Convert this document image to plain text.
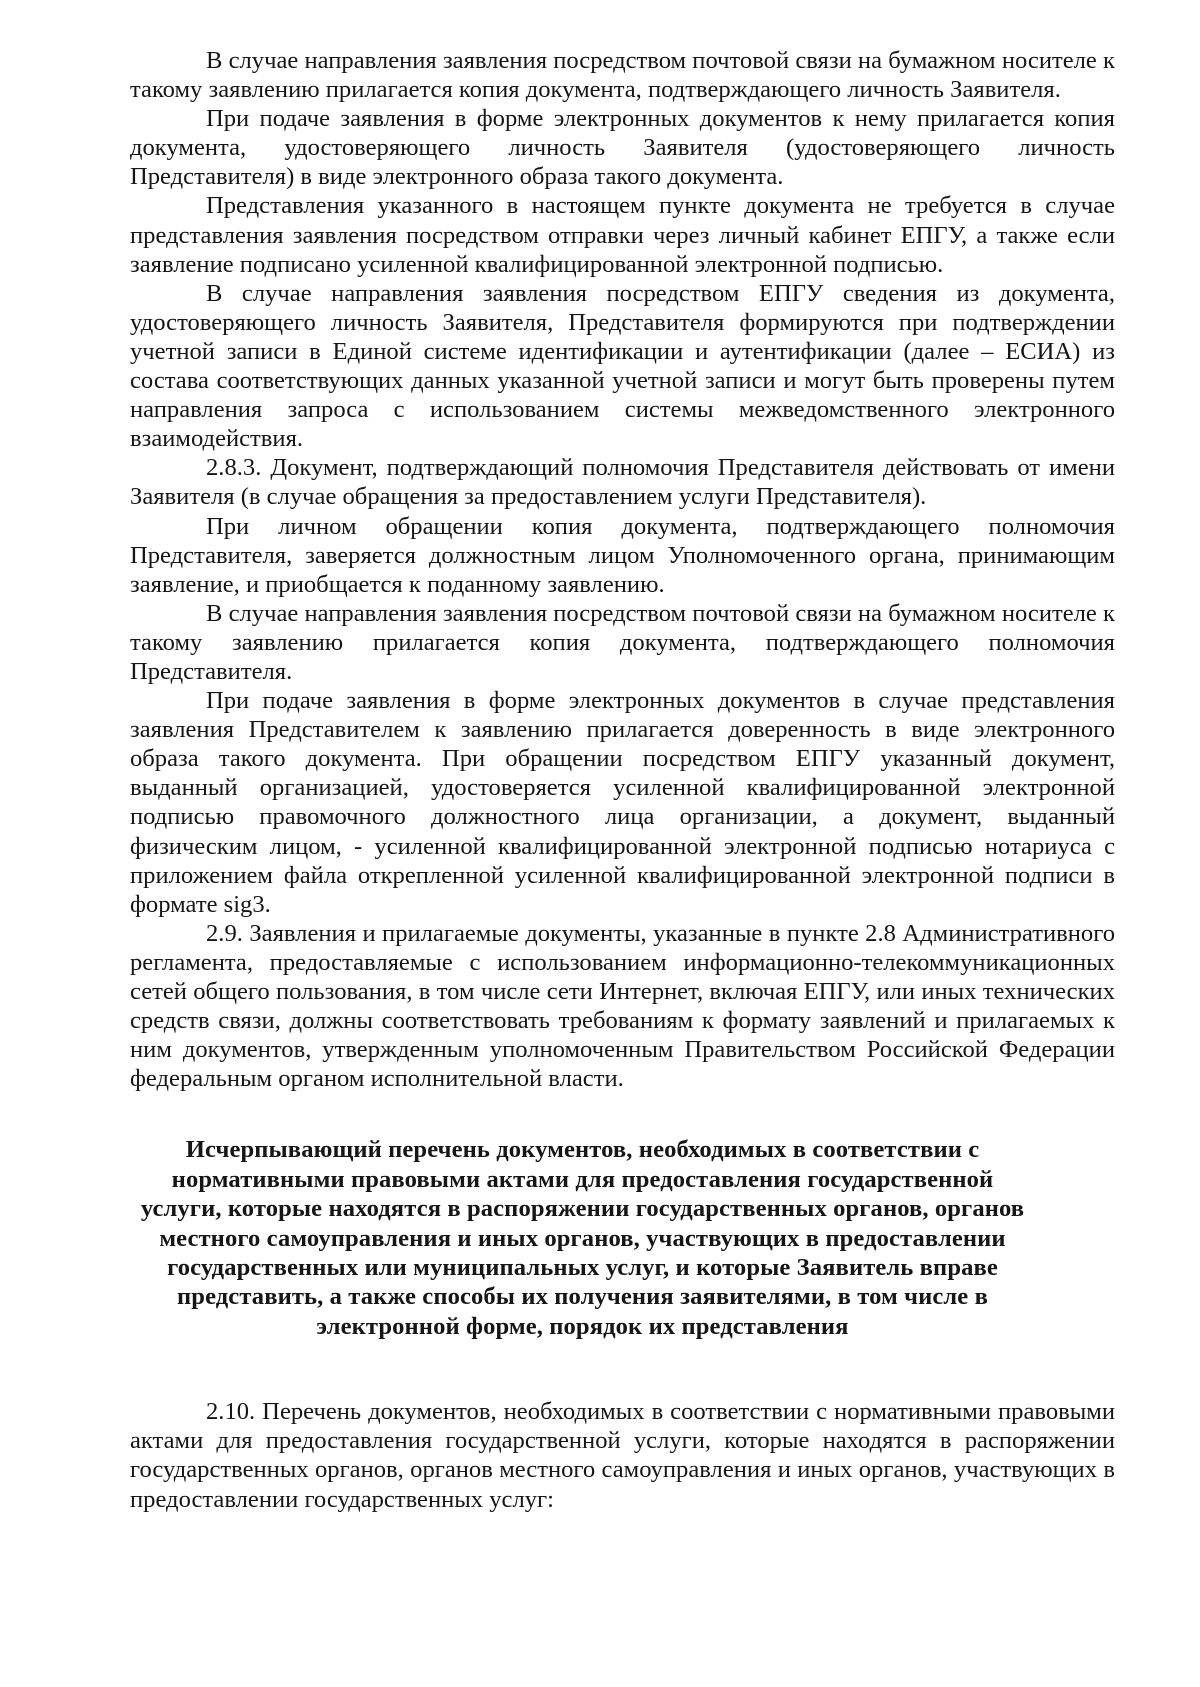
В случае направления заявления посредством почтовой связи на бумажном носителе к такому заявлению прилагается копия документа, подтверждающего личность Заявителя.

При подаче заявления в форме электронных документов к нему прилагается копия документа, удостоверяющего личность Заявителя (удостоверяющего личность Представителя) в виде электронного образа такого документа.

Представления указанного в настоящем пункте документа не требуется в случае представления заявления посредством отправки через личный кабинет ЕПГУ, а также если заявление подписано усиленной квалифицированной электронной подписью.

В случае направления заявления посредством ЕПГУ сведения из документа, удостоверяющего личность Заявителя, Представителя формируются при подтверждении учетной записи в Единой системе идентификации и аутентификации (далее – ЕСИА) из состава соответствующих данных указанной учетной записи и могут быть проверены путем направления запроса с использованием системы межведомственного электронного взаимодействия.

2.8.3. Документ, подтверждающий полномочия Представителя действовать от имени Заявителя (в случае обращения за предоставлением услуги Представителя).

При личном обращении копия документа, подтверждающего полномочия Представителя, заверяется должностным лицом Уполномоченного органа, принимающим заявление, и приобщается к поданному заявлению.

В случае направления заявления посредством почтовой связи на бумажном носителе к такому заявлению прилагается копия документа, подтверждающего полномочия Представителя.

При подаче заявления в форме электронных документов в случае представления заявления Представителем к заявлению прилагается доверенность в виде электронного образа такого документа. При обращении посредством ЕПГУ указанный документ, выданный организацией, удостоверяется усиленной квалифицированной электронной подписью правомочного должностного лица организации, а документ, выданный физическим лицом, - усиленной квалифицированной электронной подписью нотариуса с приложением файла открепленной усиленной квалифицированной электронной подписи в формате sig3.

2.9. Заявления и прилагаемые документы, указанные в пункте 2.8 Административного регламента, предоставляемые с использованием информационно-телекоммуникационных сетей общего пользования, в том числе сети Интернет, включая ЕПГУ, или иных технических средств связи, должны соответствовать требованиям к формату заявлений и прилагаемых к ним документов, утвержденным уполномоченным Правительством Российской Федерации федеральным органом исполнительной власти.

Исчерпывающий перечень документов, необходимых в соответствии с нормативными правовыми актами для предоставления государственной услуги, которые находятся в распоряжении государственных органов, органов местного самоуправления и иных органов, участвующих в предоставлении государственных или муниципальных услуг, и которые Заявитель вправе представить, а также способы их получения заявителями, в том числе в электронной форме, порядок их представления

2.10. Перечень документов, необходимых в соответствии с нормативными правовыми актами для предоставления государственной услуги, которые находятся в распоряжении государственных органов, органов местного самоуправления и иных органов, участвующих в предоставлении государственных услуг:
